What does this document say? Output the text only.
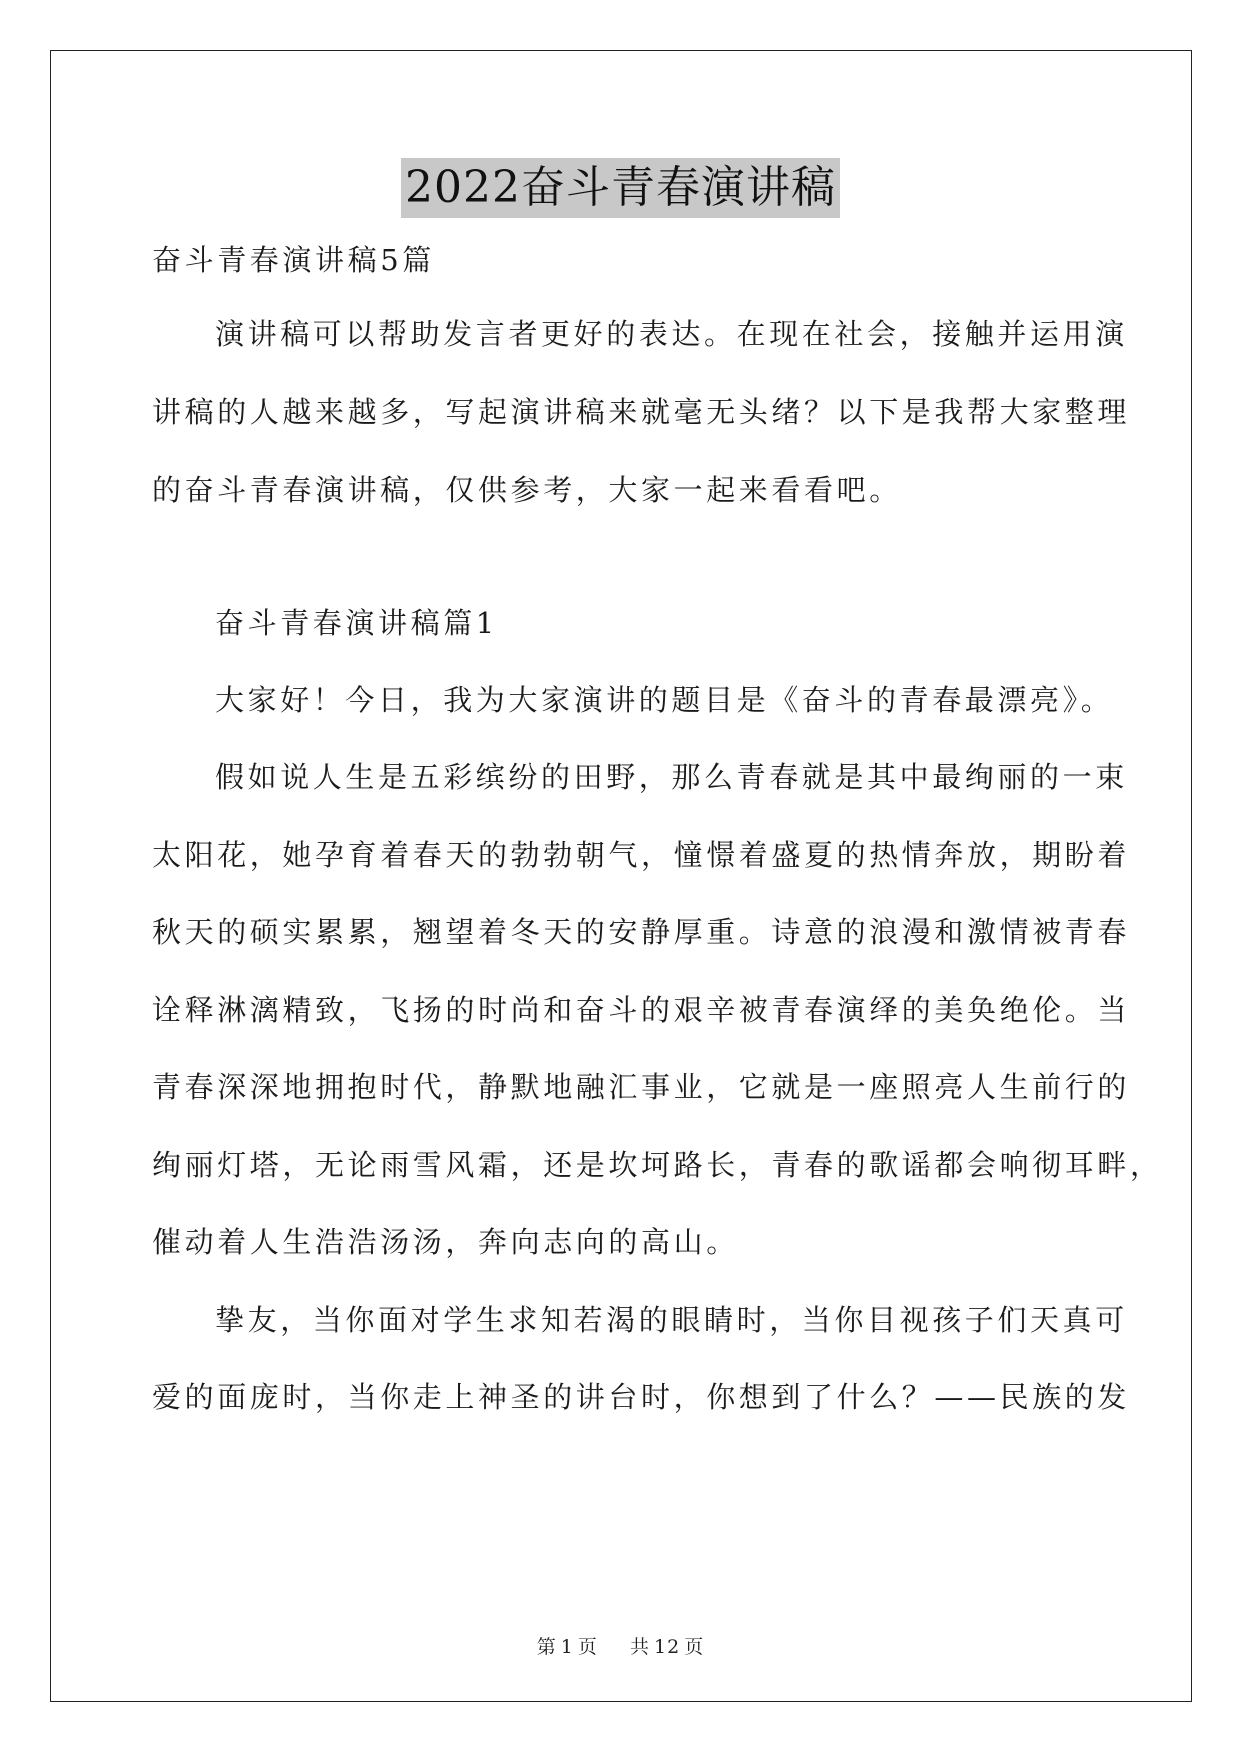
2022奋斗青春演讲稿
奋斗青春演讲稿5篇
演讲稿可以帮助发言者更好的表达。在现在社会，接触并运用演
讲稿的人越来越多，写起演讲稿来就毫无头绪？以下是我帮大家整理
的奋斗青春演讲稿，仅供参考，大家一起来看看吧。
奋斗青春演讲稿篇1
大家好！今日，我为大家演讲的题目是《奋斗的青春最漂亮》。
假如说人生是五彩缤纷的田野，那么青春就是其中最绚丽的一束
太阳花，她孕育着春天的勃勃朝气，憧憬着盛夏的热情奔放，期盼着
秋天的硕实累累，翘望着冬天的安静厚重。诗意的浪漫和激情被青春
诠释淋漓精致，飞扬的时尚和奋斗的艰辛被青春演绎的美奂绝伦。当
青春深深地拥抱时代，静默地融汇事业，它就是一座照亮人生前行的
绚丽灯塔，无论雨雪风霜，还是坎坷路长，青春的歌谣都会响彻耳畔，
催动着人生浩浩汤汤，奔向志向的高山。
挚友，当你面对学生求知若渴的眼睛时，当你目视孩子们天真可
爱的面庞时，当你走上神圣的讲台时，你想到了什么？——民族的发
第 1 页 共 12 页
